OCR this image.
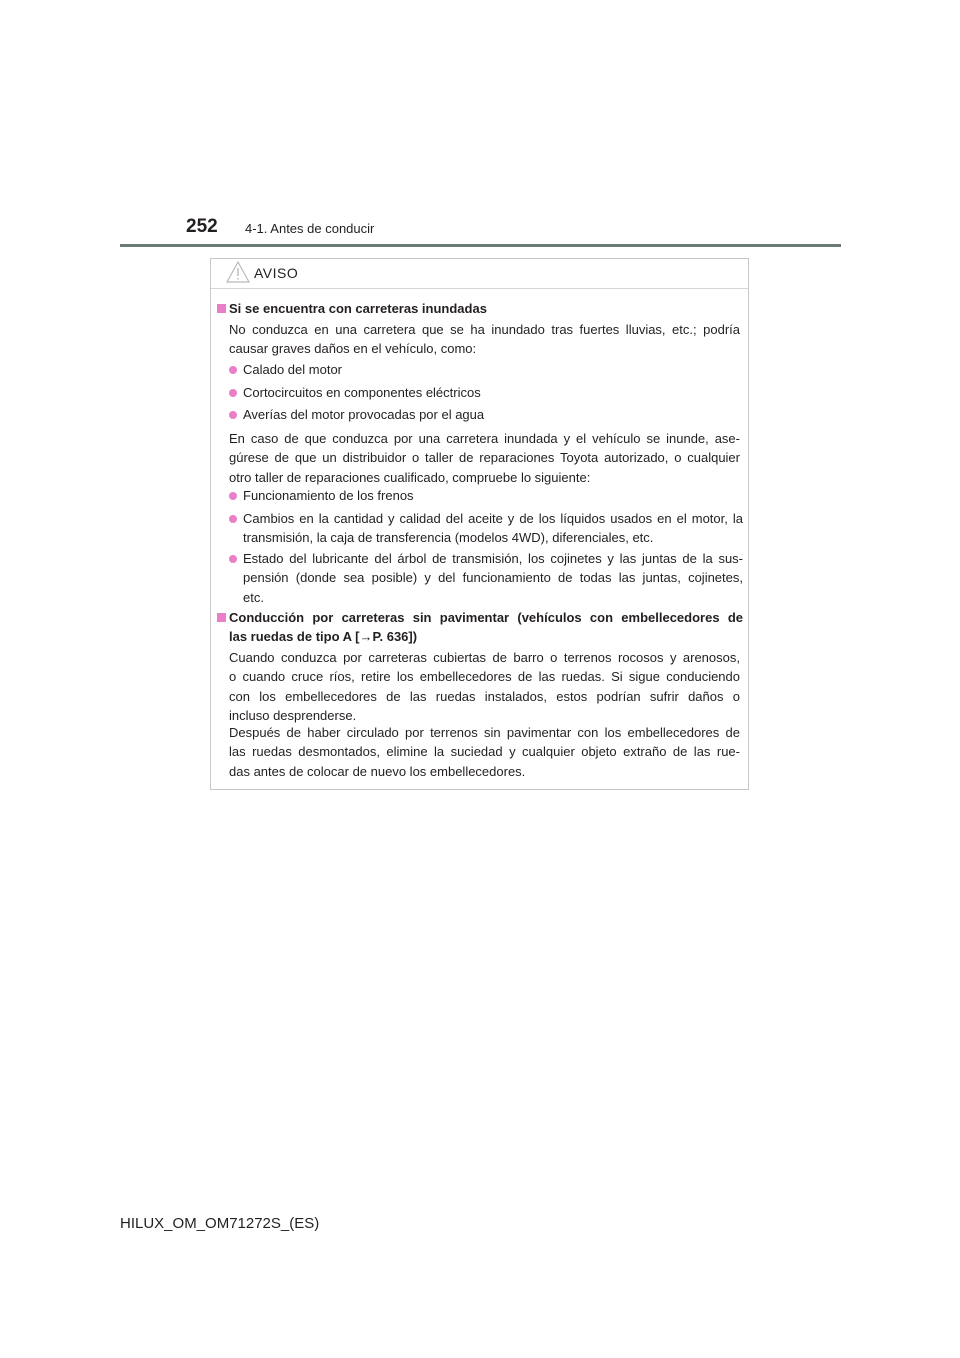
252 4-1. Antes de conducir
AVISO
Si se encuentra con carreteras inundadas
No conduzca en una carretera que se ha inundado tras fuertes lluvias, etc.; podría
causar graves daños en el vehículo, como:
Calado del motor
Cortocircuitos en componentes eléctricos
Averías del motor provocadas por el agua
En caso de que conduzca por una carretera inundada y el vehículo se inunde, ase-
gúrese de que un distribuidor o taller de reparaciones Toyota autorizado, o cualquier
otro taller de reparaciones cualificado, compruebe lo siguiente:
Funcionamiento de los frenos
Cambios en la cantidad y calidad del aceite y de los líquidos usados en el motor, la
transmisión, la caja de transferencia (modelos 4WD), diferenciales, etc.
Estado del lubricante del árbol de transmisión, los cojinetes y las juntas de la sus-
pensión (donde sea posible) y del funcionamiento de todas las juntas, cojinetes,
etc.
Conducción por carreteras sin pavimentar (vehículos con embellecedores de
las ruedas de tipo A [→P. 636])
Cuando conduzca por carreteras cubiertas de barro o terrenos rocosos y arenosos,
o cuando cruce ríos, retire los embellecedores de las ruedas. Si sigue conduciendo
con los embellecedores de las ruedas instalados, estos podrían sufrir daños o
incluso desprenderse.
Después de haber circulado por terrenos sin pavimentar con los embellecedores de
las ruedas desmontados, elimine la suciedad y cualquier objeto extraño de las rue-
das antes de colocar de nuevo los embellecedores.
HILUX_OM_OM71272S_(ES)
